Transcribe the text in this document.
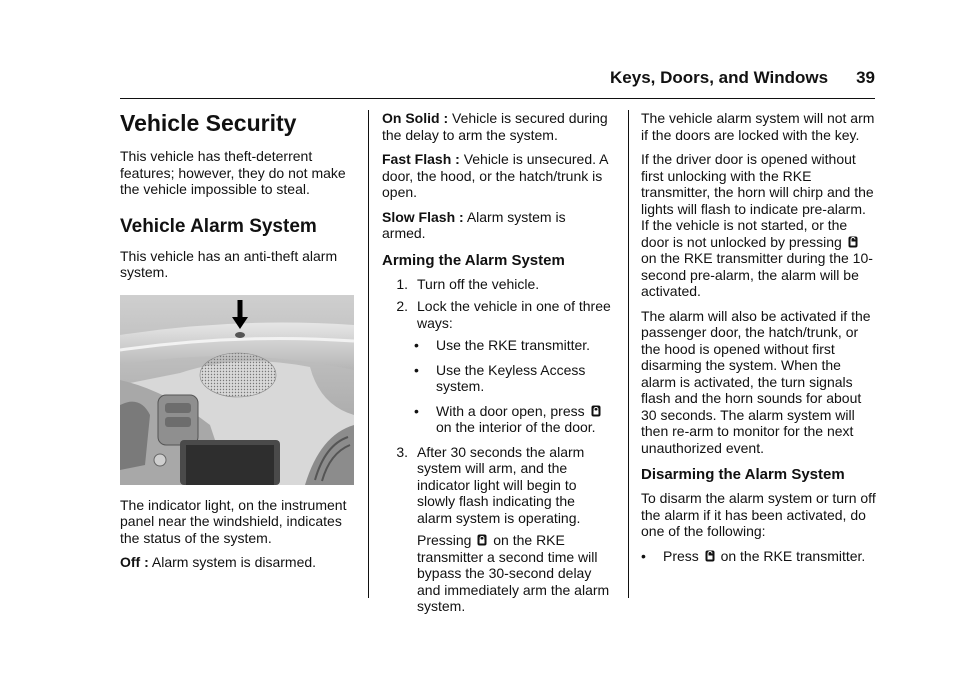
Keys, Doors, and Windows 39
Vehicle Security

This vehicle has theft-deterrent features; however, they do not make the vehicle impossible to steal.

Vehicle Alarm System

This vehicle has an anti-theft alarm system.

The indicator light, on the instrument panel near the windshield, indicates the status of the system.

Off : Alarm system is disarmed.

On Solid : Vehicle is secured during the delay to arm the system.

Fast Flash : Vehicle is unsecured. A door, the hood, or the hatch/trunk is open.

Slow Flash : Alarm system is armed.

Arming the Alarm System
1. Turn off the vehicle.
2. Lock the vehicle in one of three ways:
•	Use the RKE transmitter.
•	Use the Keyless Access system.
•	With a door open, press  on the interior of the door.
3. After 30 seconds the alarm system will arm, and the indicator light will begin to slowly flash indicating the alarm system is operating.

Pressing on the RKE transmitter a second time will bypass the 30-second delay and immediately arm the alarm system.

The vehicle alarm system will not arm if the doors are locked with the key.

If the driver door is opened without first unlocking with the RKE transmitter, the horn will chirp and the lights will flash to indicate pre-alarm. If the vehicle is not started, or the door is not unlocked by pressing  on the RKE transmitter during the 10-second pre-alarm, the alarm will be activated.

The alarm will also be activated if the passenger door, the hatch/trunk, or the hood is opened without first disarming the system. When the alarm is activated, the turn signals flash and the horn sounds for about 30 seconds. The alarm system will then re-arm to monitor for the next unauthorized event.

Disarming the Alarm System

To disarm the alarm system or turn off the alarm if it has been activated, do one of the following:

•	Press on the RKE transmitter.
